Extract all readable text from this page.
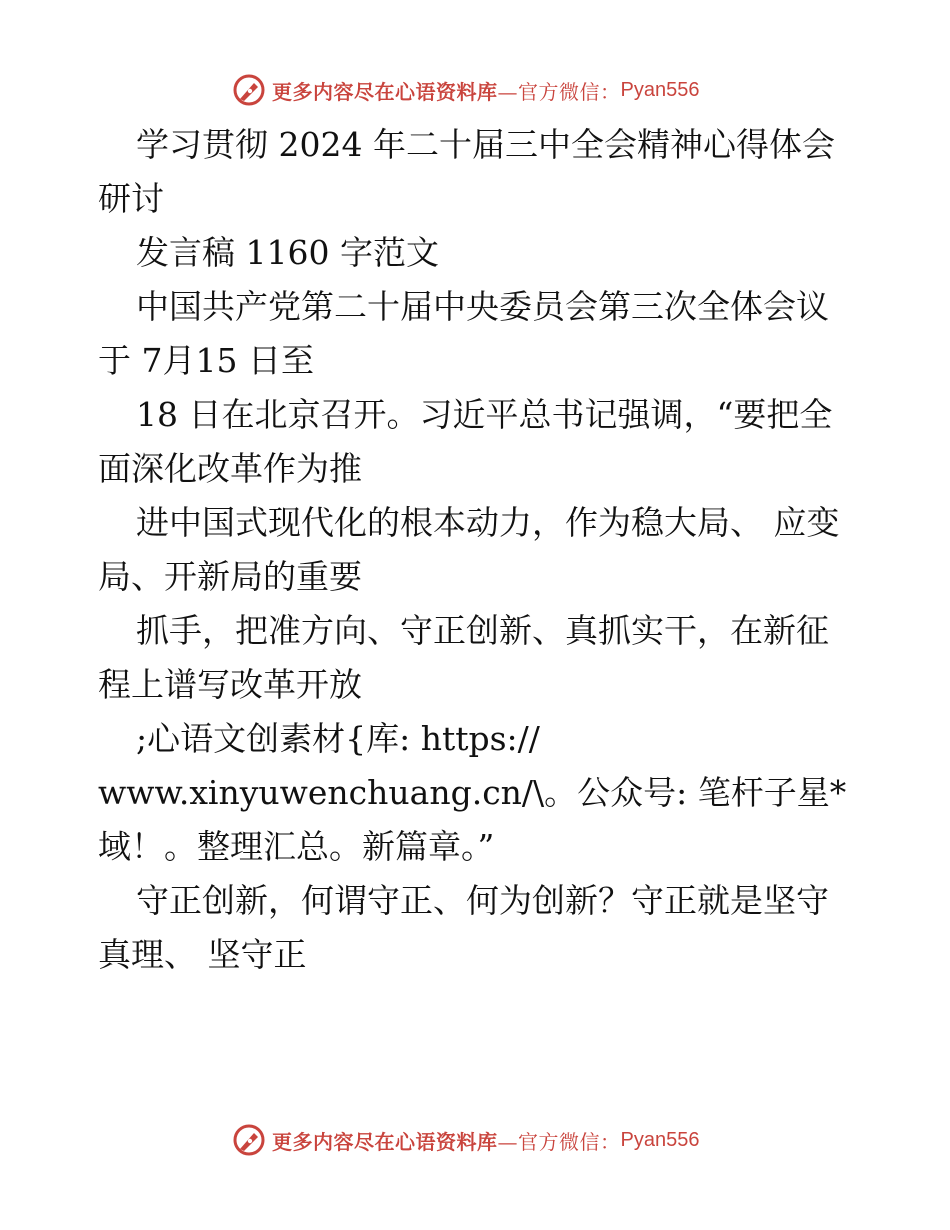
更多内容尽在心语资料库 —官方微信： Pyan556

学习贯彻 2024 年二十届三中全会精神心得体会研讨

发言稿 1160 字范文

中国共产党第二十届中央委员会第三次全体会议于 7月15 日至

18 日在北京召开。习近平总书记强调，“要把全面深化改革作为推

进中国式现代化的根本动力，作为稳大局、 应变局、开新局的重要

抓手，把准方向、守正创新、真抓实干，在新征程上谱写改革开放

;心语文创素材{库: https://

www.xinyuwenchuang.cn/\。公众号: 笔杆子星*域！。整理汇总。新篇章。”

守正创新，何谓守正、何为创新？守正就是坚守真理、 坚守正

更多内容尽在心语资料库 —官方微信： Pyan556
